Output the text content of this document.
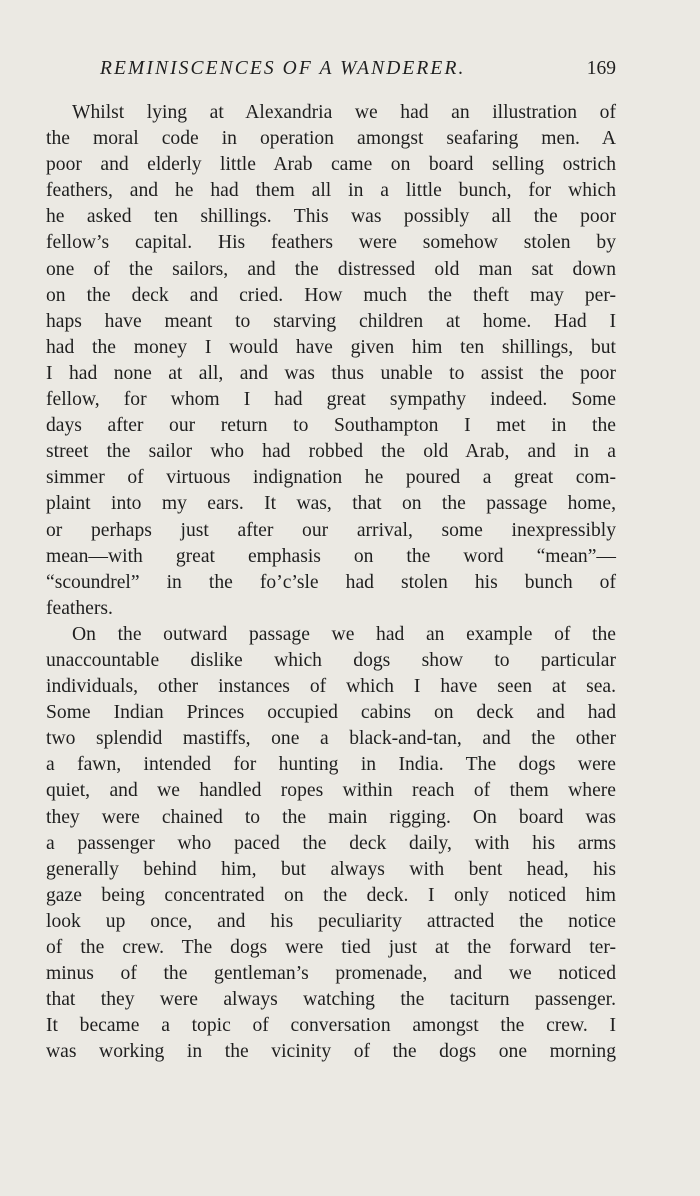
REMINISCENCES OF A WANDERER.	169
Whilst lying at Alexandria we had an illustration of
the moral code in operation amongst seafaring men. A
poor and elderly little Arab came on board selling ostrich
feathers, and he had them all in a little bunch, for which
he asked ten shillings. This was possibly all the poor
fellow’s capital. His feathers were somehow stolen by
one of the sailors, and the distressed old man sat down
on the deck and cried. How much the theft may per-
haps have meant to starving children at home. Had I
had the money I would have given him ten shillings, but
I had none at all, and was thus unable to assist the poor
fellow, for whom I had great sympathy indeed. Some
days after our return to Southampton I met in the
street the sailor who had robbed the old Arab, and in a
simmer of virtuous indignation he poured a great com-
plaint into my ears. It was, that on the passage home,
or perhaps just after our arrival, some inexpressibly
mean—with great emphasis on the word “mean”—
“scoundrel” in the fo’c’sle had stolen his bunch of
feathers.
On the outward passage we had an example of the
unaccountable dislike which dogs show to particular
individuals, other instances of which I have seen at sea.
Some Indian Princes occupied cabins on deck and had
two splendid mastiffs, one a black-and-tan, and the other
a fawn, intended for hunting in India. The dogs were
quiet, and we handled ropes within reach of them where
they were chained to the main rigging. On board was
a passenger who paced the deck daily, with his arms
generally behind him, but always with bent head, his
gaze being concentrated on the deck. I only noticed him
look up once, and his peculiarity attracted the notice
of the crew. The dogs were tied just at the forward ter-
minus of the gentleman’s promenade, and we noticed
that they were always watching the taciturn passenger.
It became a topic of conversation amongst the crew. I
was working in the vicinity of the dogs one morning
